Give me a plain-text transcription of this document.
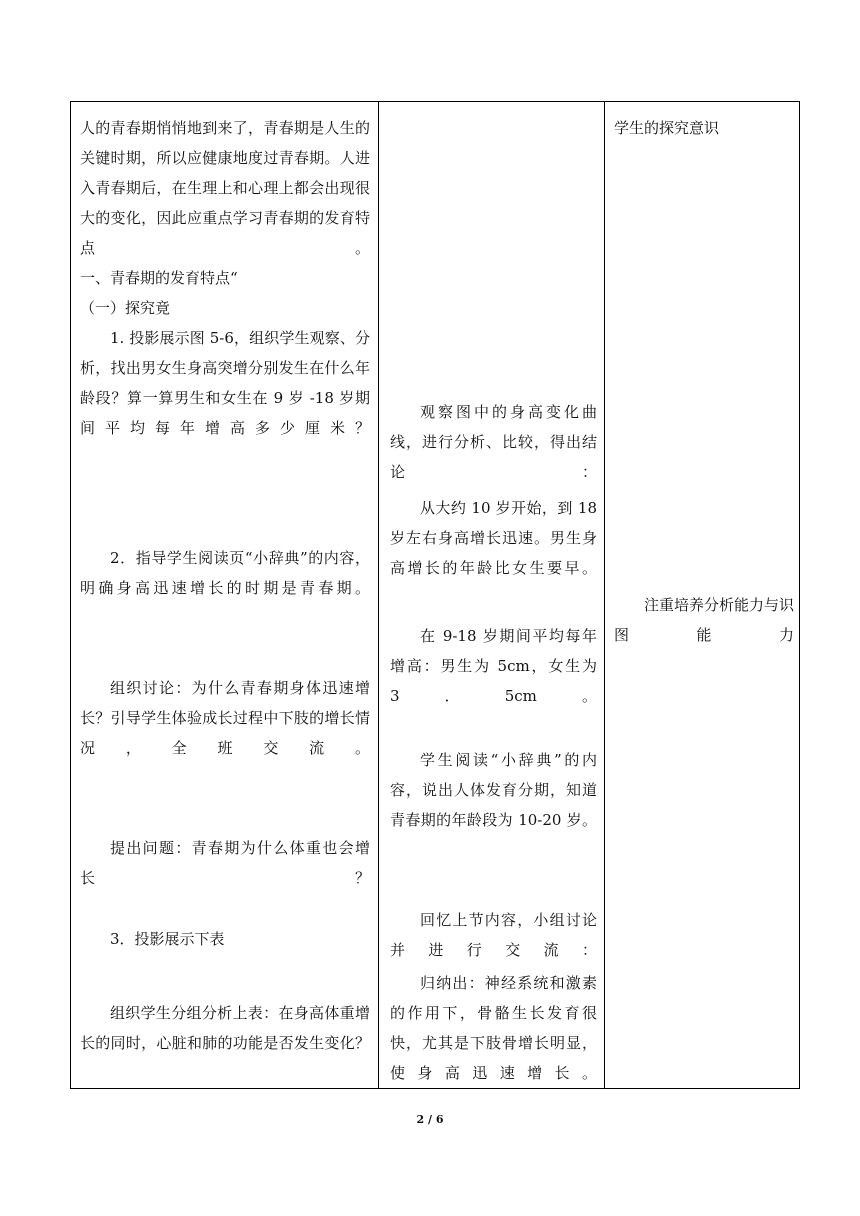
人的青春期悄悄地到来了，青春期是人生的关键时期，所以应健康地度过青春期。人进入青春期后，在生理上和心理上都会出现很大的变化，因此应重点学习青春期的发育特点。

一、青春期的发育特点“

（一）探究竟

1. 投影展示图 5-6，组织学生观察、分析，找出男女生身高突增分别发生在什么年龄段？算一算男生和女生在 9 岁 -18 岁期间平均每年增高多少厘米？

2．指导学生阅读页“小辞典”的内容，明确身高迅速增长的时期是青春期。

组织讨论：为什么青春期身体迅速增长？引导学生体验成长过程中下肢的增长情况，全班交流。

提出问题：青春期为什么体重也会增长？

3．投影展示下表

组织学生分组分析上表：在身高体重增长的同时，心脏和肺的功能是否发生变化？

观察图中的身高变化曲线，进行分析、比较，得出结论：

从大约 10 岁开始，到 18 岁左右身高增长迅速。男生身高增长的年龄比女生要早。

在 9-18 岁期间平均每年增高：男生为 5cm，女生为 3．5cm。

学生阅读“小辞典”的内容，说出人体发育分期，知道青春期的年龄段为 10-20 岁。

回忆上节内容，小组讨论并进行交流：

归纳出：神经系统和激素的作用下，骨骼生长发育很快，尤其是下肢骨增长明显，使身高迅速增长。

学生的探究意识

注重培养分析能力与识图能力

2 / 6
